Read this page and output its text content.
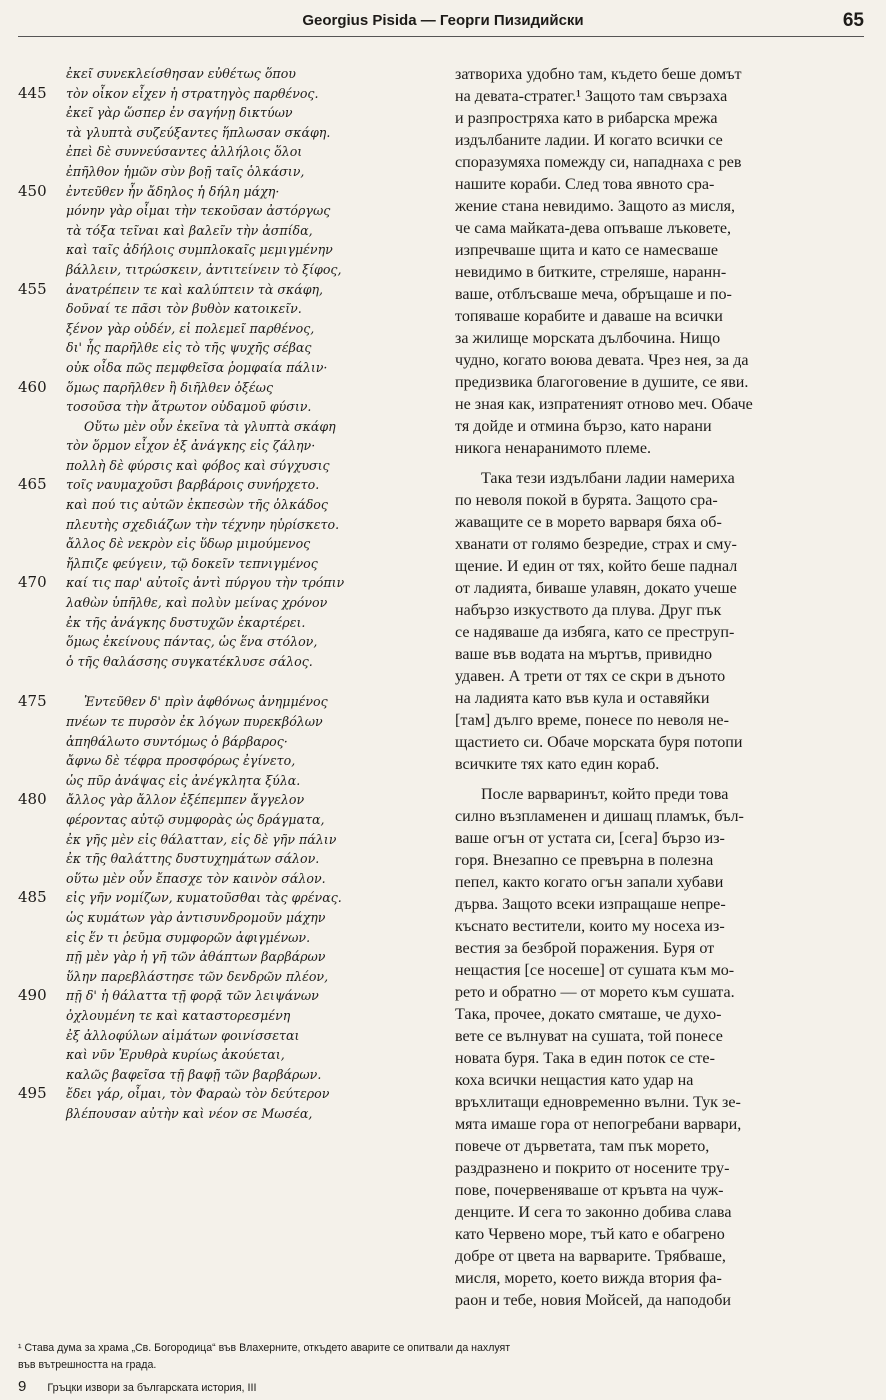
Georgius Pisida — Георги Пизидийски	65
ἐκεῖ συνεκλείσθησαν εὐθέτως ὅπου
445	τὸν οἶκον εἶχεν ἡ στρατηγὸς παρθένος.
ἐκεῖ γὰρ ὥσπερ ἐν σαγήνῃ δικτύων
τὰ γλυπτὰ συζεύξαντες ἥπλωσαν σκάφη.
ἐπεὶ δὲ συννεύσαντες ἀλλήλοις ὅλοι
ἐπῆλθον ἡμῶν σὺν βοῇ ταῖς ὁλκάσιν,
450	ἐντεῦθεν ἦν ἄδηλος ἡ δήλη μάχη·
μόνην γὰρ οἶμαι τὴν τεκοῦσαν ἀστόργως
τὰ τόξα τεῖναι καὶ βαλεῖν τὴν ἀσπίδα,
καὶ ταῖς ἀδήλοις συμπλοκαῖς μεμιγμένην
βάλλειν, τιτρώσκειν, ἀντιτείνειν τὸ ξίφος,
455	ἀνατρέπειν τε καὶ καλύπτειν τὰ σκάφη,
δοῦναί τε πᾶσι τὸν βυθὸν κατοικεῖν.
ξένον γὰρ οὐδέν, εἰ πολεμεῖ παρθένος,
δι' ἧς παρῆλθε εἰς τὸ τῆς ψυχῆς σέβας
οὐκ οἶδα πῶς πεμφθεῖσα ῥομφαία πάλιν·
460	ὅμως παρῆλθεν ἢ διῆλθεν ὀξέως
τοσοῦσα τὴν ἄτρωτον οὐδαμοῦ φύσιν.
Οὕτω μὲν οὖν ἐκεῖνα τὰ γλυπτὰ σκάφη
τὸν ὅρμον εἶχον ἐξ ἀνάγκης εἰς ζάλην·
πολλὴ δὲ φύρσις καὶ φόβος καὶ σύγχυσις
465	τοῖς ναυμαχοῦσι βαρβάροις συνήρχετο.
καὶ πού τις αὐτῶν ἐκπεσὼν τῆς ὁλκάδος
πλευτὴς σχεδιάζων τὴν τέχνην ηὑρίσκετο.
ἄλλος δὲ νεκρὸν εἰς ὕδωρ μιμούμενος
ἤλπιζε φεύγειν, τῷ δοκεῖν τεπνιγμένος
470	καί τις παρ' αὐτοῖς ἀντὶ πύργου τὴν τρόπιν
λαθὼν ὑπῆλθε, καὶ πολὺν μείνας χρόνον
ἐκ τῆς ἀνάγκης δυστυχῶν ἐκαρτέρει.
ὅμως ἐκείνους πάντας, ὡς ἕνα στόλον,
ὁ τῆς θαλάσσης συγκατέκλυσε σάλος.
475	Ἐντεῦθεν δ' πρὶν ἀφθόνως ἀνημμένος
πνέων τε πυρσὸν ἐκ λόγων πυρεκβόλων
ἀπηθάλωτο συντόμως ὁ βάρβαρος·
ἄφνω δὲ τέφρα προσφόρως ἐγίνετο,
ὡς πῦρ ἀνάψας εἰς ἀνέγκλητα ξύλα.
480	ἄλλος γὰρ ἄλλον ἐξέπεμπεν ἄγγελον
φέροντας αὐτῷ συμφορὰς ὡς δράγματα,
ἐκ γῆς μὲν εἰς θάλατταν, εἰς δὲ γῆν πάλιν
ἐκ τῆς θαλάττης δυστυχημάτων σάλον.
οὕτω μὲν οὖν ἔπασχε τὸν καινὸν σάλον.
485	εἰς γῆν νομίζων, κυματοῦσθαι τὰς φρένας.
ὡς κυμάτων γὰρ ἀντισυνδρομοῦν μάχην
εἰς ἕν τι ῥεῦμα συμφορῶν ἀφιγμένων.
πῇ μὲν γὰρ ἡ γῆ τῶν ἀθάπτων βαρβάρων
ὕλην παρεβλάστησε τῶν δενδρῶν πλέον,
490	πῇ δ' ἡ θάλαττα τῇ φορᾷ τῶν λειψάνων
ὀχλουμένη τε καὶ καταστορεσμένη
ἐξ ἀλλοφύλων αἱμάτων φοινίσσεται
καὶ νῦν Ἐρυθρὰ κυρίως ἀκούεται,
καλῶς βαφεῖσα τῇ βαφῇ τῶν βαρβάρων.
495	ἔδει γάρ, οἶμαι, τὸν Φαραὼ τὸν δεύτερον
βλέπουσαν αὐτὴν καὶ νέον σε Μωσέα,
затвориха удобно там, където беше домът
на девата-стратег.¹ Защото там свързаха
и разпростряха като в рибарска мрежа
издълбаните ладии. И когато всички се
споразумяха помежду си, нападнаха с рев
нашите кораби. След това явното сра-
жение стана невидимо. Защото аз мисля,
че сама майката-дева опъваше лъковете,
изпречваше щита и като се намесваше
невидимо в битките, стреляше, наранн-
ваше, отблъсваше меча, обръщаше и по-
топяваше корабите и даваше на всички
за жилище морската дълбочина. Нищо
чудно, когато воюва девата. Чрез нея, за да
предизвика благоговение в душите, се яви.
не зная как, изпратеният отново меч. Обаче
тя дойде и отмина бързо, като нарани
никога ненаранимото племе.
Така тези издълбани ладии намериха
по неволя покой в бурята. Защото сра-
жаващите се в морето варваря бяха об-
хванати от голямо безредие, страх и сму-
щение. И един от тях, който беше паднал
от ладията, биваше улавян, докато учеше
набързо изкуството да плува. Друг пък
се надяваше да избяга, като се преструп-
ваше във водата на мъртъв, привидно
удавен. А трети от тях се скри в дъното
на ладията като във кула и оставяйки
[там] дълго време, понесе по неволя не-
щастието си. Обаче морската буря потопи
всичките тях като един кораб.
После варваринът, който преди това
силно възпламенен и дишащ пламък, бъл-
ваше огън от устата си, [сега] бързо из-
горя. Внезапно се превърна в полезна
пепел, както когато огън запали хубави
дърва. Защото всеки изпращаше непре-
къснато вестители, които му носеха из-
вестия за безброй поражения. Буря от
нещастия [се носеше] от сушата към мо-
рето и обратно — от морето към сушата.
Така, прочее, докато смяташе, че духо-
вете се вълнуват на сушата, той понесе
новата буря. Така в един поток се сте-
коха всички нещастия като удар на
връхлитащи едновременно вълни. Тук зе-
мята имаше гора от непогребани варвари,
повече от дърветата, там пък морето,
раздразнено и покрито от носените тру-
пове, почервеняваше от кръвта на чуж-
денците. И сега то законно добива слава
като Червено море, тъй като е обагрено
добре от цвета на варварите. Трябваше,
мисля, морето, което вижда втория фа-
раон и тебе, новия Мойсей, да наподоби
¹ Става дума за храма „Св. Богородица“ във Влахерните, откъдето аварите се опитвали да нахлуят
във вътрешността на града.
9 Гръцки извори за българската история, III
